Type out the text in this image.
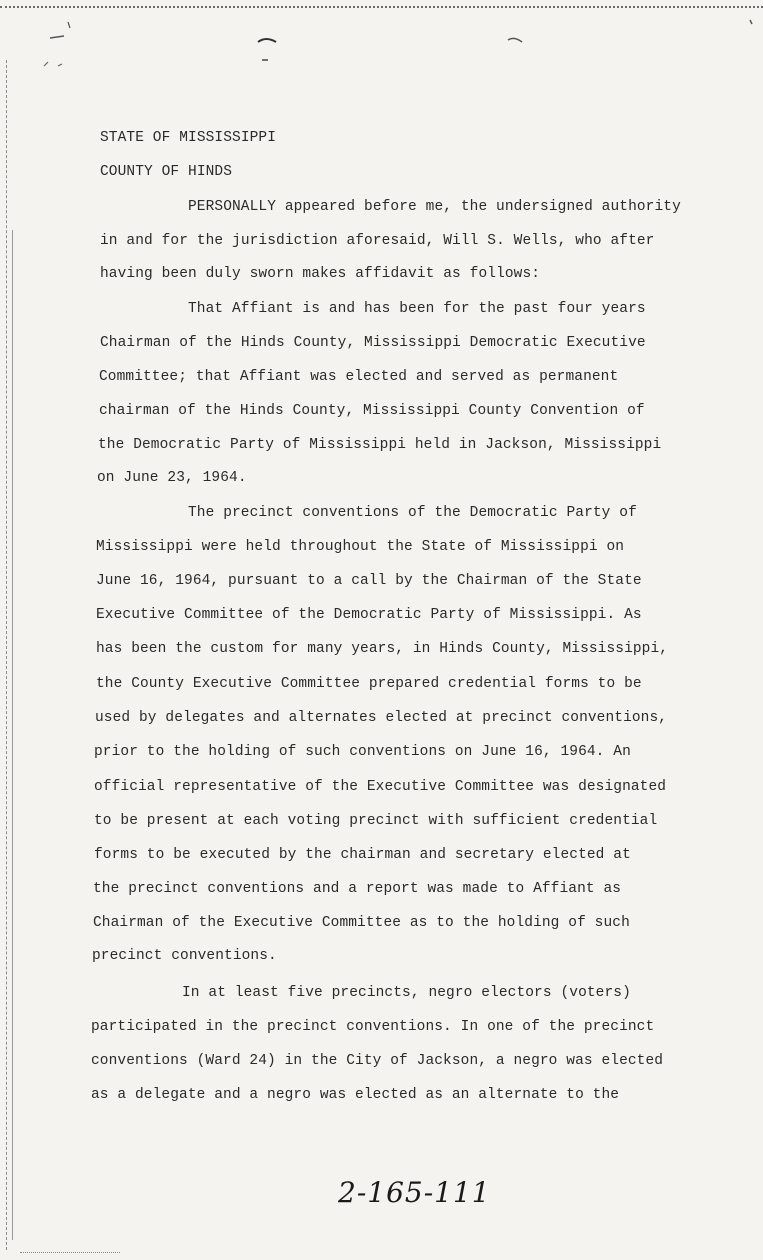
STATE OF MISSISSIPPI
COUNTY OF HINDS
PERSONALLY appeared before me, the undersigned authority
in and for the jurisdiction aforesaid, Will S. Wells, who after
having been duly sworn makes affidavit as follows:
That Affiant is and has been for the past four years
Chairman of the Hinds County, Mississippi Democratic Executive
Committee; that Affiant was elected and served as permanent
chairman of the Hinds County, Mississippi County Convention of
the Democratic Party of Mississippi held in Jackson, Mississippi
on June 23, 1964.
The precinct conventions of the Democratic Party of
Mississippi were held throughout the State of Mississippi on
June 16, 1964, pursuant to a call by the Chairman of the State
Executive Committee of the Democratic Party of Mississippi. As
has been the custom for many years, in Hinds County, Mississippi,
the County Executive Committee prepared credential forms to be
used by delegates and alternates elected at precinct conventions,
prior to the holding of such conventions on June 16, 1964. An
official representative of the Executive Committee was designated
to be present at each voting precinct with sufficient credential
forms to be executed by the chairman and secretary elected at
the precinct conventions and a report was made to Affiant as
Chairman of the Executive Committee as to the holding of such
precinct conventions.
In at least five precincts, negro electors (voters)
participated in the precinct conventions. In one of the precinct
conventions (Ward 24) in the City of Jackson, a negro was elected
as a delegate and a negro was elected as an alternate to the
2-165-111
